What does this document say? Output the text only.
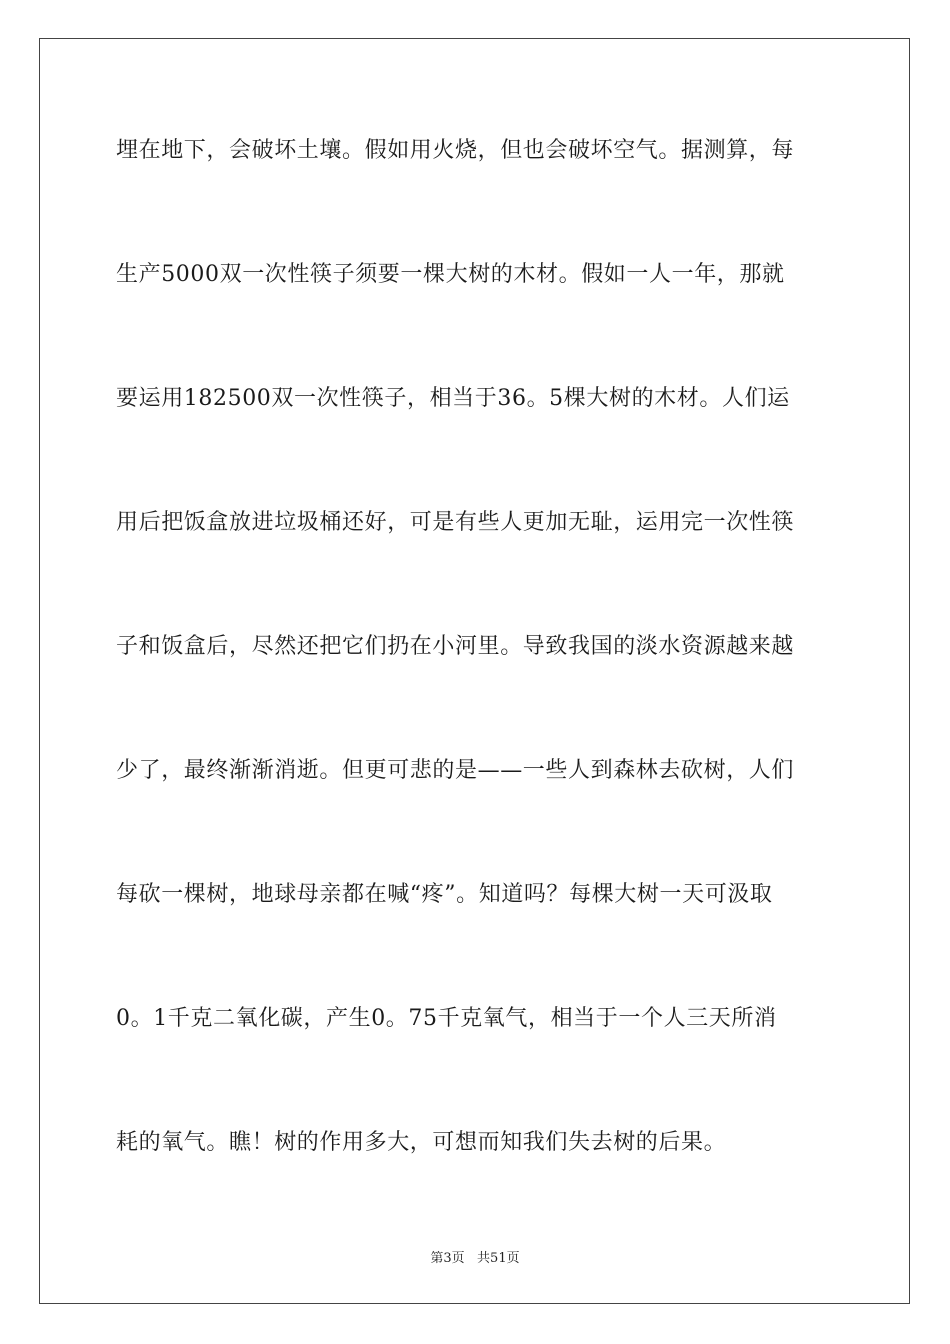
埋在地下，会破坏土壤。假如用火烧，但也会破坏空气。据测算，每
生产5000双一次性筷子须要一棵大树的木材。假如一人一年，那就
要运用182500双一次性筷子，相当于36。5棵大树的木材。人们运
用后把饭盒放进垃圾桶还好，可是有些人更加无耻，运用完一次性筷
子和饭盒后，尽然还把它们扔在小河里。导致我国的淡水资源越来越
少了，最终渐渐消逝。但更可悲的是——一些人到森林去砍树，人们
每砍一棵树，地球母亲都在喊“疼”。知道吗？每棵大树一天可汲取
0。1千克二氧化碳，产生0。75千克氧气，相当于一个人三天所消
耗的氧气。瞧！树的作用多大，可想而知我们失去树的后果。
第3页   共51页
